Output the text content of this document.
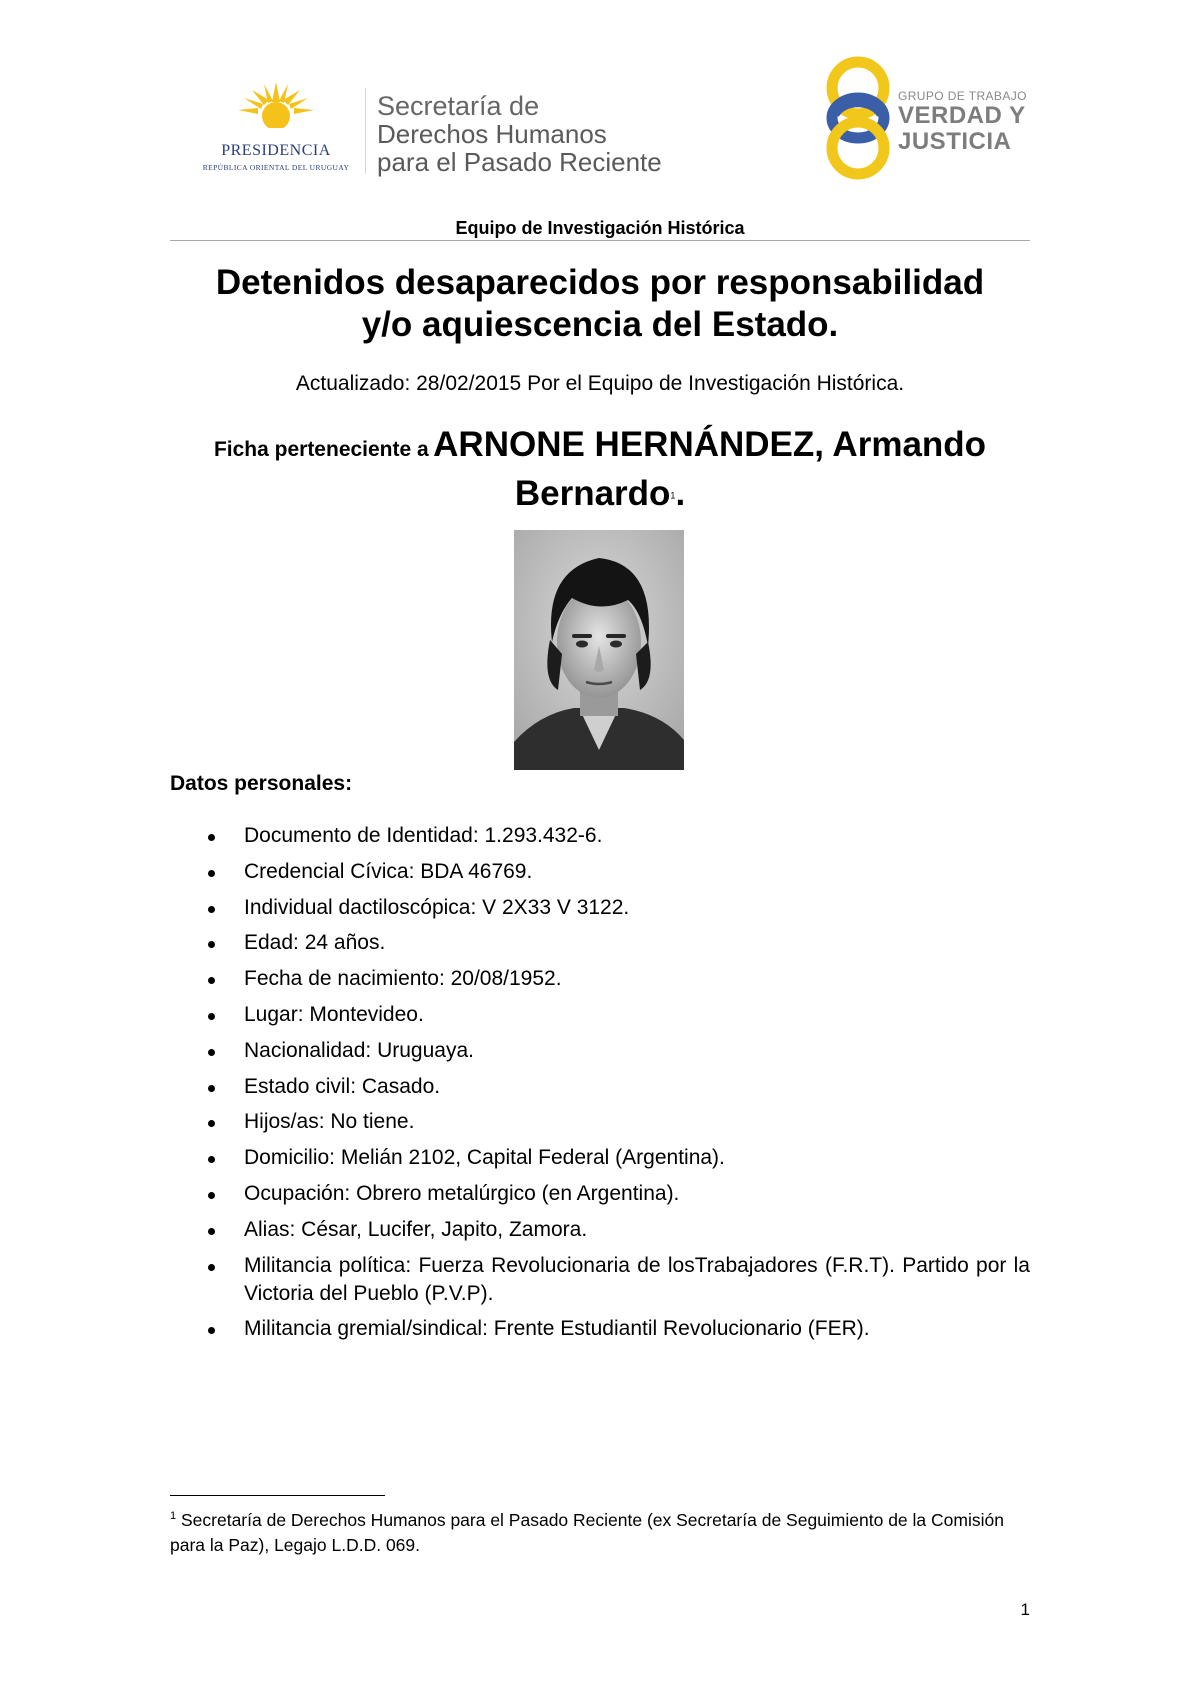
PRESIDENCIA
REPÚBLICA ORIENTAL DEL URUGUAY
Secretaría de
Derechos Humanos
para el Pasado Reciente
GRUPO DE TRABAJO
VERDAD Y
JUSTICIA
Equipo de Investigación Histórica
Detenidos desaparecidos por responsabilidad
y/o aquiescencia del Estado.
Actualizado: 28/02/2015 Por el Equipo de Investigación Histórica.
Ficha perteneciente a ARNONE HERNÁNDEZ, Armando
Bernardo$^1$.
Datos personales:
Documento de Identidad: 1.293.432-6.
Credencial Cívica: BDA 46769.
Individual dactiloscópica: V 2X33 V 3122.
Edad: 24 años.
Fecha de nacimiento: 20/08/1952.
Lugar: Montevideo.
Nacionalidad: Uruguaya.
Estado civil: Casado.
Hijos/as: No tiene.
Domicilio: Melián 2102, Capital Federal (Argentina).
Ocupación: Obrero metalúrgico (en Argentina).
Alias: César, Lucifer, Japito, Zamora.
Militancia política: Fuerza Revolucionaria de losTrabajadores (F.R.T). Partido por la Victoria del Pueblo (P.V.P).
Militancia gremial/sindical: Frente Estudiantil Revolucionario (FER).
$^1$ Secretaría de Derechos Humanos para el Pasado Reciente (ex Secretaría de Seguimiento de la Comisión para la Paz), Legajo L.D.D. 069.
1
